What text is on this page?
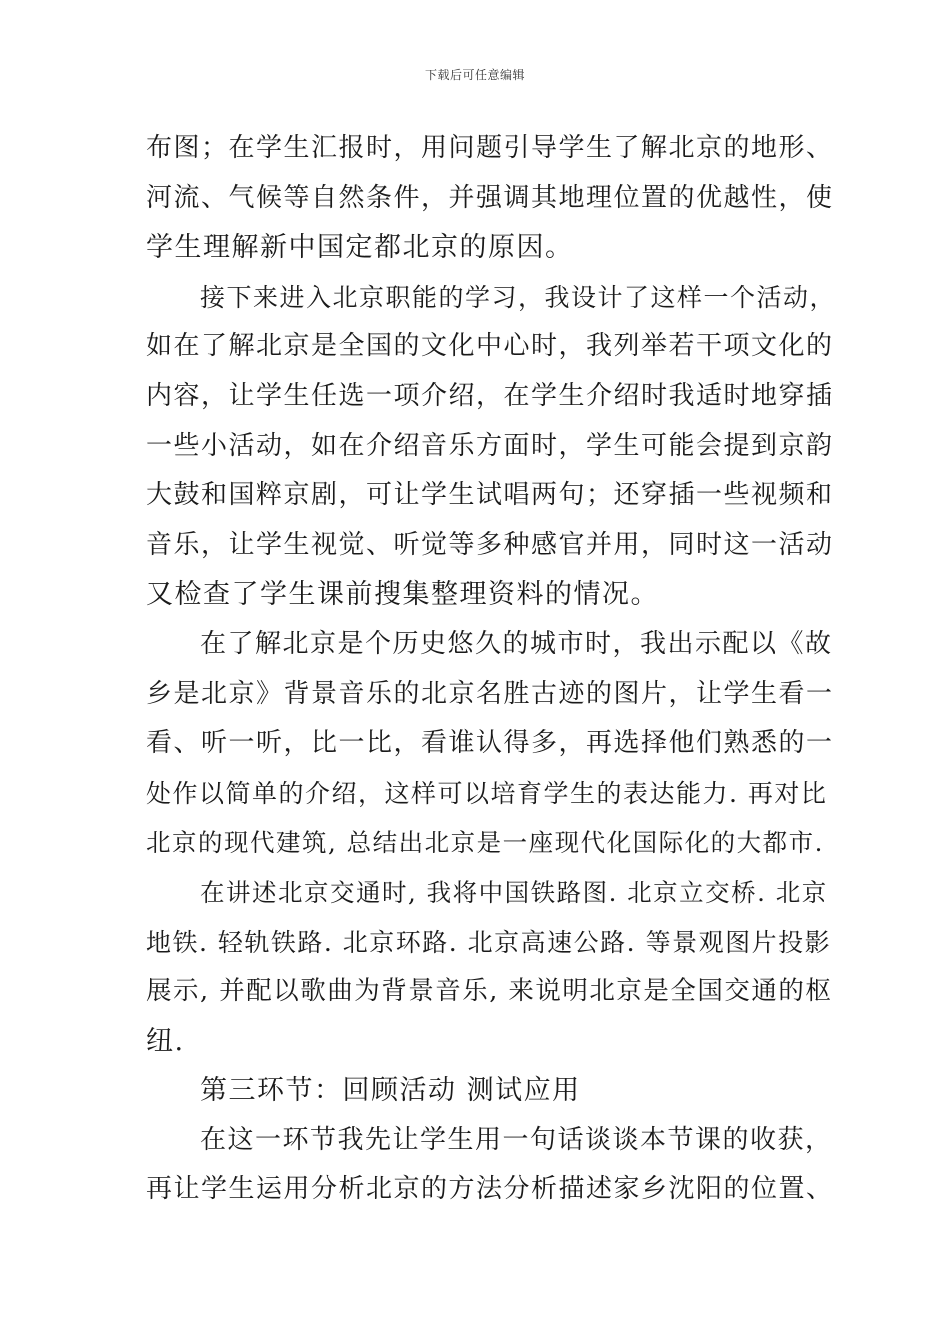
下载后可任意编辑
布图；在学生汇报时，用问题引导学生了解北京的地形、
河流、气候等自然条件，并强调其地理位置的优越性，使
学生理解新中国定都北京的原因。
接下来进入北京职能的学习，我设计了这样一个活动，
如在了解北京是全国的文化中心时，我列举若干项文化的
内容，让学生任选一项介绍，在学生介绍时我适时地穿插
一些小活动，如在介绍音乐方面时，学生可能会提到京韵
大鼓和国粹京剧，可让学生试唱两句；还穿插一些视频和
音乐，让学生视觉、听觉等多种感官并用，同时这一活动
又检查了学生课前搜集整理资料的情况。
在了解北京是个历史悠久的城市时，我出示配以《故
乡是北京》背景音乐的北京名胜古迹的图片，让学生看一
看、听一听，比一比，看谁认得多，再选择他们熟悉的一
处作以简单的介绍，这样可以培育学生的表达能力. 再对比
北京的现代建筑, 总结出北京是一座现代化国际化的大都市.
在讲述北京交通时, 我将中国铁路图. 北京立交桥. 北京
地铁. 轻轨铁路. 北京环路. 北京高速公路. 等景观图片投影
展示, 并配以歌曲为背景音乐, 来说明北京是全国交通的枢
纽.
第三环节：回顾活动 测试应用
在这一环节我先让学生用一句话谈谈本节课的收获，
再让学生运用分析北京的方法分析描述家乡沈阳的位置、
